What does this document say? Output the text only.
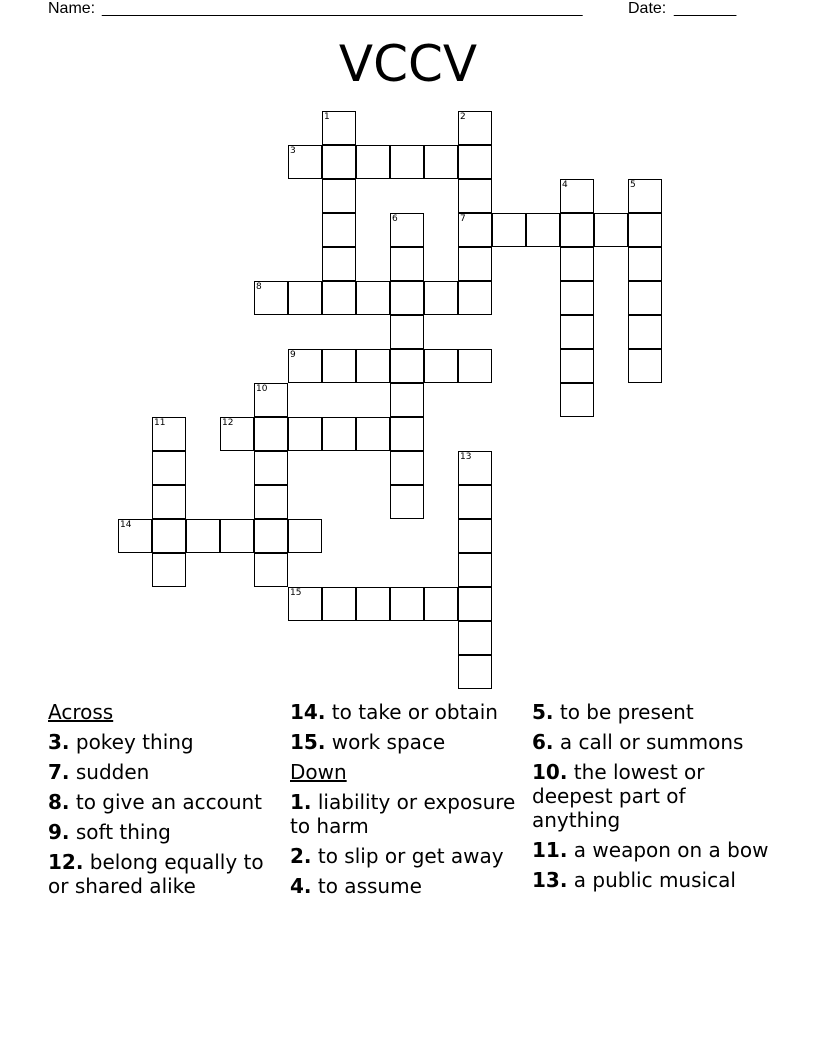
Name: ______________________________________________________	Date: _______
VCCV
3
7
8
9
12
14
15
1	2
4	5
6
10
11
13
Across
3. pokey thing
7. sudden
8. to give an account
9. soft thing
12. belong equally to or shared alike
14. to take or obtain
15. work space
Down
1. liability or exposure to harm
2. to slip or get away
4. to assume
5. to be present
6. a call or summons
10. the lowest or deepest part of anything
11. a weapon on a bow
13. a public musical
